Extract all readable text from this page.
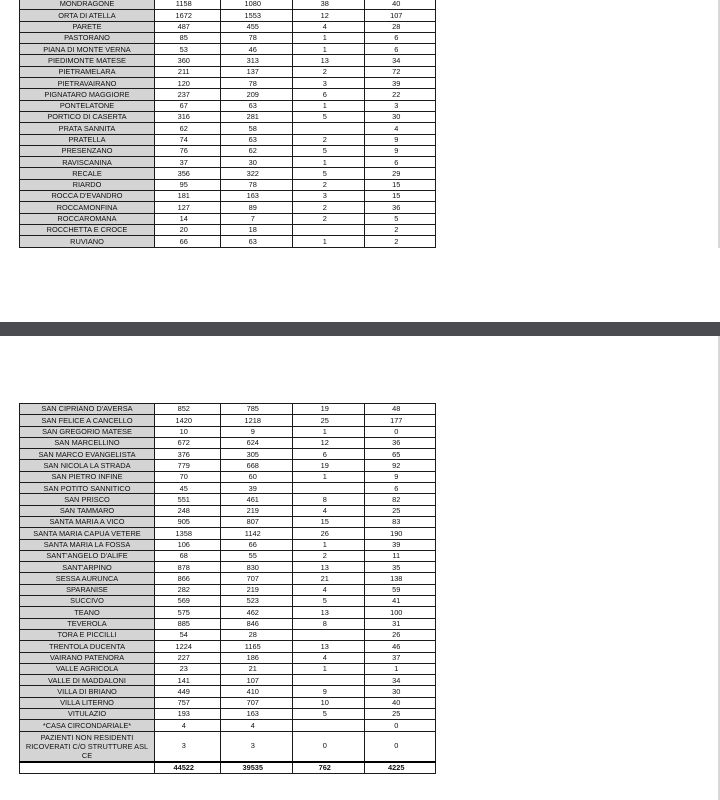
MONDRAGONE	1158		1080		38		40	
ORTA DI ATELLA	1672		1553		12		107	
PARETE	487		455		4		28	
PASTORANO	85		78		1		6	
PIANA DI MONTE VERNA	53		46		1		6	
PIEDIMONTE MATESE	360		313		13		34	
PIETRAMELARA	211		137		2		72	
PIETRAVAIRANO	120		78		3		39	
PIGNATARO MAGGIORE	237		209		6		22	
PONTELATONE	67		63		1		3	
PORTICO DI CASERTA	316		281		5		30	
PRATA SANNITA	62		58				4	
PRATELLA	74		63		2		9	
PRESENZANO	76		62		5		9	
RAVISCANINA	37		30		1		6	
RECALE	356		322		5		29	
RIARDO	95		78		2		15	
ROCCA D'EVANDRO	181		163		3		15	
ROCCAMONFINA	127		89		2		36	
ROCCAROMANA	14		7		2		5	
ROCCHETTA E CROCE	20		18				2	
RUVIANO	66		63		1		2	
SAN CIPRIANO D'AVERSA	852		785		19		48	
SAN FELICE A CANCELLO	1420		1218		25		177	
SAN GREGORIO MATESE	10		9		1		0	
SAN MARCELLINO	672		624		12		36	
SAN MARCO EVANGELISTA	376		305		6		65	
SAN NICOLA LA STRADA	779		668		19		92	
SAN PIETRO INFINE	70		60		1		9	
SAN POTITO SANNITICO	45		39				6	
SAN PRISCO	551		461		8		82	
SAN TAMMARO	248		219		4		25	
SANTA MARIA A VICO	905		807		15		83	
SANTA MARIA CAPUA VETERE	1358		1142		26		190	
SANTA MARIA LA FOSSA	106		66		1		39	
SANT'ANGELO D'ALIFE	68		55		2		11	
SANT'ARPINO	878		830		13		35	
SESSA AURUNCA	866		707		21		138	
SPARANISE	282		219		4		59	
SUCCIVO	569		523		5		41	
TEANO	575		462		13		100	
TEVEROLA	885		846		8		31	
TORA E PICCILLI	54		28				26	
TRENTOLA DUCENTA	1224		1165		13		46	
VAIRANO PATENORA	227		186		4		37	
VALLE AGRICOLA	23		21		1		1	
VALLE DI MADDALONI	141		107				34	
VILLA DI BRIANO	449		410		9		30	
VILLA LITERNO	757		707		10		40	
VITULAZIO	193		163		5		25	
*CASA CIRCONDARIALE*	4		4				0	
PAZIENTI NON RESIDENTI RICOVERATI C/O STRUTTURE ASL CE	3		3		0		0	
	44522		39535		762		4225	
